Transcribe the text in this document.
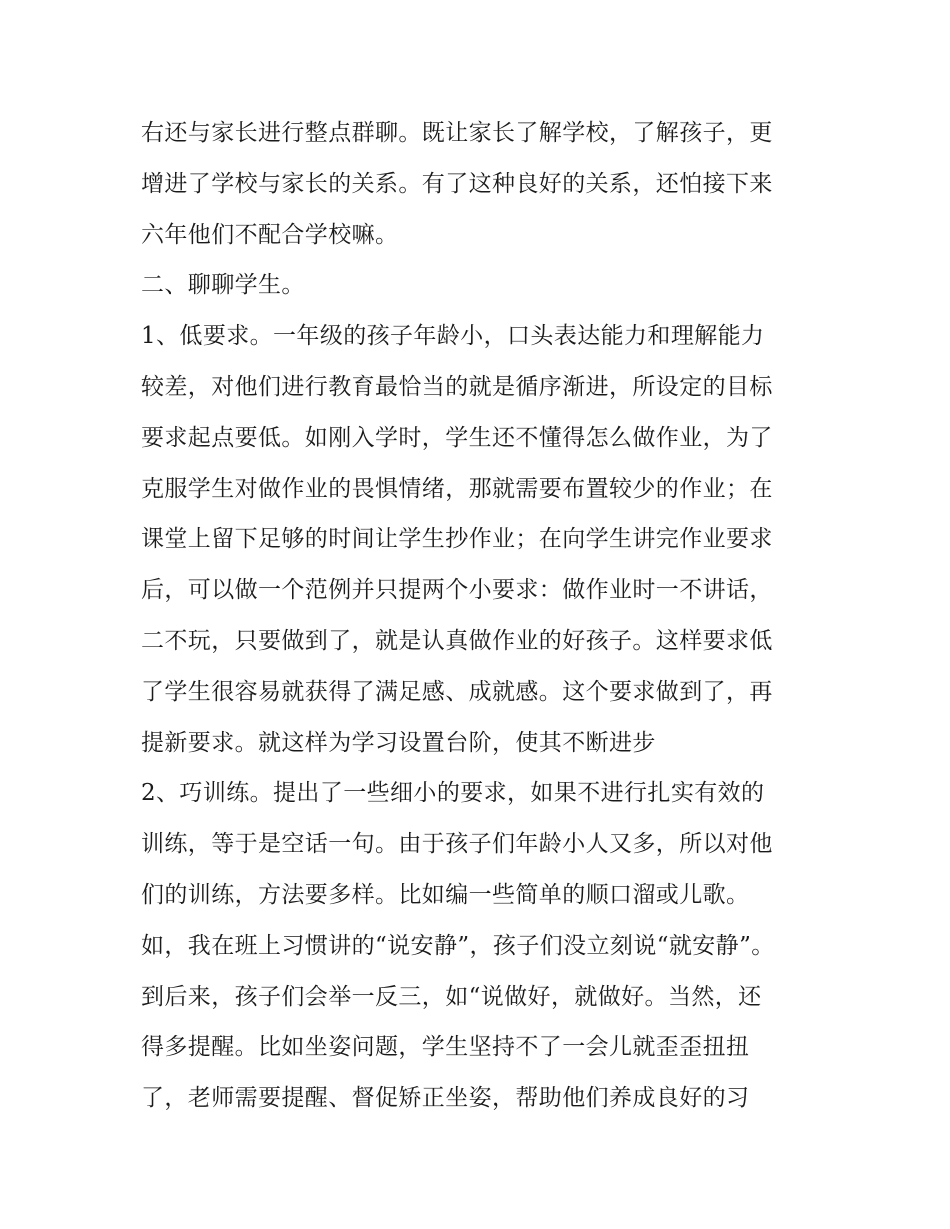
右还与家长进行整点群聊。既让家长了解学校，了解孩子，更
增进了学校与家长的关系。有了这种良好的关系，还怕接下来
六年他们不配合学校嘛。
二、聊聊学生。
1、低要求。一年级的孩子年龄小，口头表达能力和理解能力
较差，对他们进行教育最恰当的就是循序渐进，所设定的目标
要求起点要低。如刚入学时，学生还不懂得怎么做作业，为了
克服学生对做作业的畏惧情绪，那就需要布置较少的作业；在
课堂上留下足够的时间让学生抄作业；在向学生讲完作业要求
后，可以做一个范例并只提两个小要求：做作业时一不讲话，
二不玩，只要做到了，就是认真做作业的好孩子。这样要求低
了学生很容易就获得了满足感、成就感。这个要求做到了，再
提新要求。就这样为学习设置台阶，使其不断进步
2、巧训练。提出了一些细小的要求，如果不进行扎实有效的
训练，等于是空话一句。由于孩子们年龄小人又多，所以对他
们的训练，方法要多样。比如编一些简单的顺口溜或儿歌。
如，我在班上习惯讲的“说安静”，孩子们没立刻说“就安静”。
到后来，孩子们会举一反三，如“说做好，就做好。当然，还
得多提醒。比如坐姿问题，学生坚持不了一会儿就歪歪扭扭
了，老师需要提醒、督促矫正坐姿，帮助他们养成良好的习
